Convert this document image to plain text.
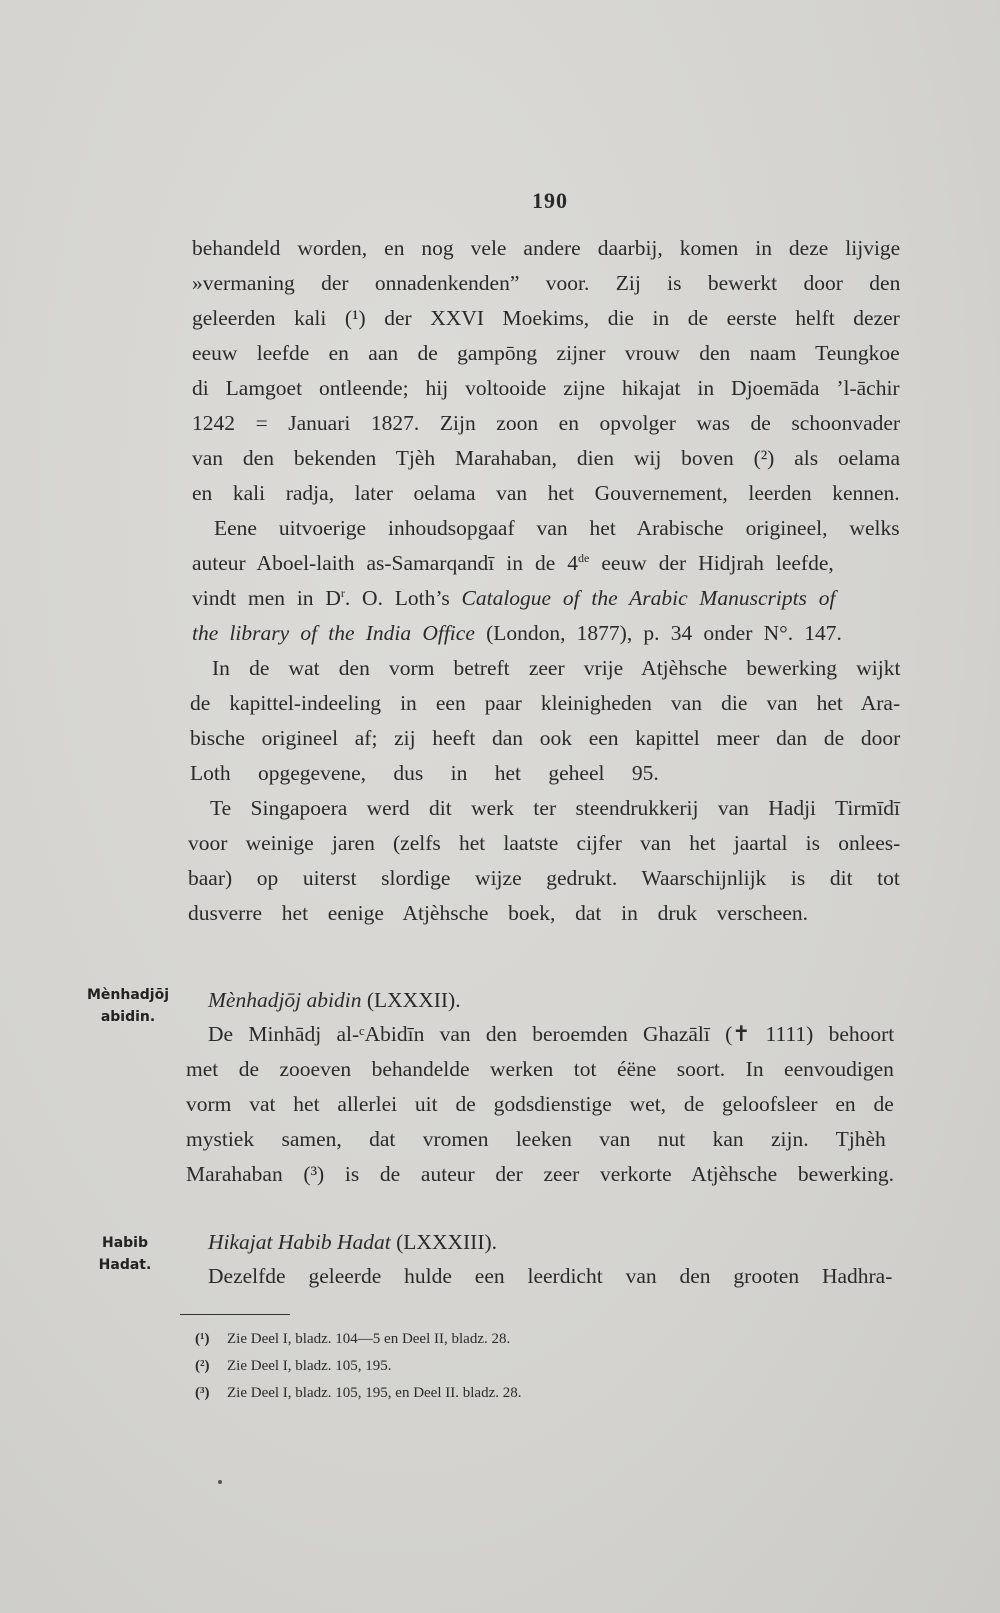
190
behandeld worden, en nog vele andere daarbij, komen in deze lijvige
»vermaning der onnadenkenden” voor. Zij is bewerkt door den
geleerden kali (¹) der XXVI Moekims, die in de eerste helft dezer
eeuw leefde en aan de gampōng zijner vrouw den naam Teungkoe
di Lamgoet ontleende; hij voltooide zijne hikajat in Djoemāda ’l-āchir
1242 = Januari 1827. Zijn zoon en opvolger was de schoonvader
van den bekenden Tjèh Marahaban, dien wij boven (²) als oelama
en kali radja, later oelama van het Gouvernement, leerden kennen.
Eene uitvoerige inhoudsopgaaf van het Arabische origineel, welks
auteur Aboel-laith as-Samarqandī in de 4de eeuw der Hidjrah leefde,
vindt men in $D^r$. O. Loth’s Catalogue of the Arabic Manuscripts of
the library of the India Office (London, 1877), p. 34 onder N°. 147.
In de wat den vorm betreft zeer vrije Atjèhsche bewerking wijkt
de kapittel-indeeling in een paar kleinigheden van die van het Ara-
bische origineel af; zij heeft dan ook een kapittel meer dan de door
Loth opgegevene, dus in het geheel 95.
Te Singapoera werd dit werk ter steendrukkerij van Hadji Tirmīdī
voor weinige jaren (zelfs het laatste cijfer van het jaartal is onlees-
baar) op uiterst slordige wijze gedrukt. Waarschijnlijk is dit tot
dusverre het eenige Atjèhsche boek, dat in druk verscheen.
Mènhadjōj
abidin.
Mènhadjōj abidin (LXXXII).
De Minhādj al-ᶜAbidīn van den beroemden Ghazālī (✝ 1111) behoort
met de zooeven behandelde werken tot éëne soort. In eenvoudigen
vorm vat het allerlei uit de godsdienstige wet, de geloofsleer en de
mystiek samen, dat vromen leeken van nut kan zijn. Tjhèh
Marahaban (³) is de auteur der zeer verkorte Atjèhsche bewerking.
Habib
Hadat.
Hikajat Habib Hadat (LXXXIII).
Dezelfde geleerde hulde een leerdicht van den grooten Hadhra-
(¹) Zie Deel I, bladz. 104—5 en Deel II, bladz. 28.
(²) Zie Deel I, bladz. 105, 195.
(³) Zie Deel I, bladz. 105, 195, en Deel II. bladz. 28.
